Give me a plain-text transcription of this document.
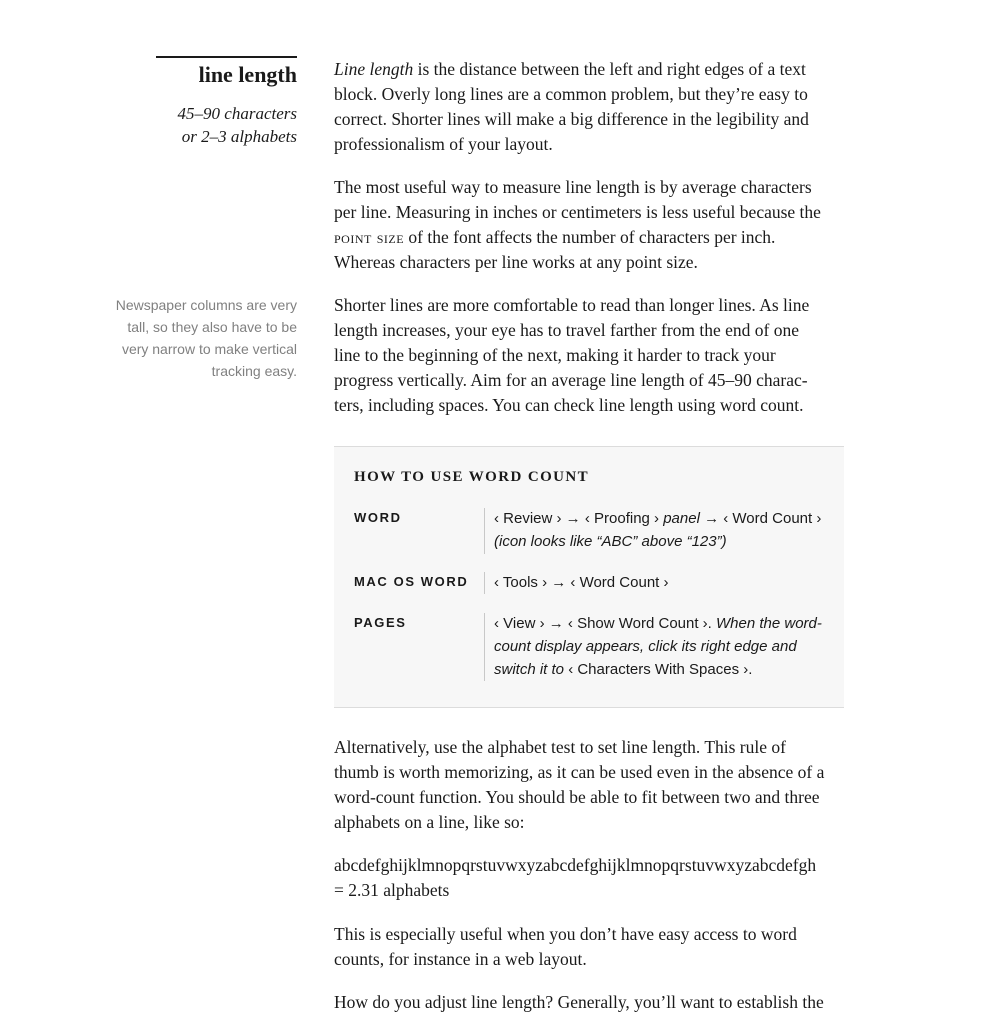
line length
45–90 characters
or 2–3 alphabets
Newspaper columns are very
tall, so they also have to be
very narrow to make vertical
tracking easy.

Line length is the distance between the left and right edges of a text
block. Overly long lines are a common problem, but they’re easy to
correct. Shorter lines will make a big difference in the legibility and
professionalism of your layout.

The most useful way to measure line length is by average characters
per line. Measuring in inches or centimeters is less useful because the
point size of the font affects the number of characters per inch.
Whereas characters per line works at any point size.

Shorter lines are more comfortable to read than longer lines. As line
length increases, your eye has to travel farther from the end of one
line to the beginning of the next, making it harder to track your
progress vertically. Aim for an average line length of 45–90 charac-
ters, including spaces. You can check line length using word count.

HOW TO USE WORD COUNT
WORD	‹ Review › → ‹ Proofing › panel → ‹ Word Count ›
(icon looks like “ABC” above “123”)
MAC OS WORD ‹ Tools › → ‹ Word Count ›
PAGES	‹ View › → ‹ Show Word Count ›. When the word-
count display appears, click its right edge and
switch it to ‹ Characters With Spaces ›.

Alternatively, use the alphabet test to set line length. This rule of
thumb is worth memorizing, as it can be used even in the absence of a
word-count function. You should be able to fit between two and three
alphabets on a line, like so:

abcdefghijklmnopqrstuvwxyzabcdefghijklmnopqrstuvwxyzabcdefgh
= 2.31 alphabets

This is especially useful when you don’t have easy access to word
counts, for instance in a web layout.

How do you adjust line length? Generally, you’ll want to establish the
